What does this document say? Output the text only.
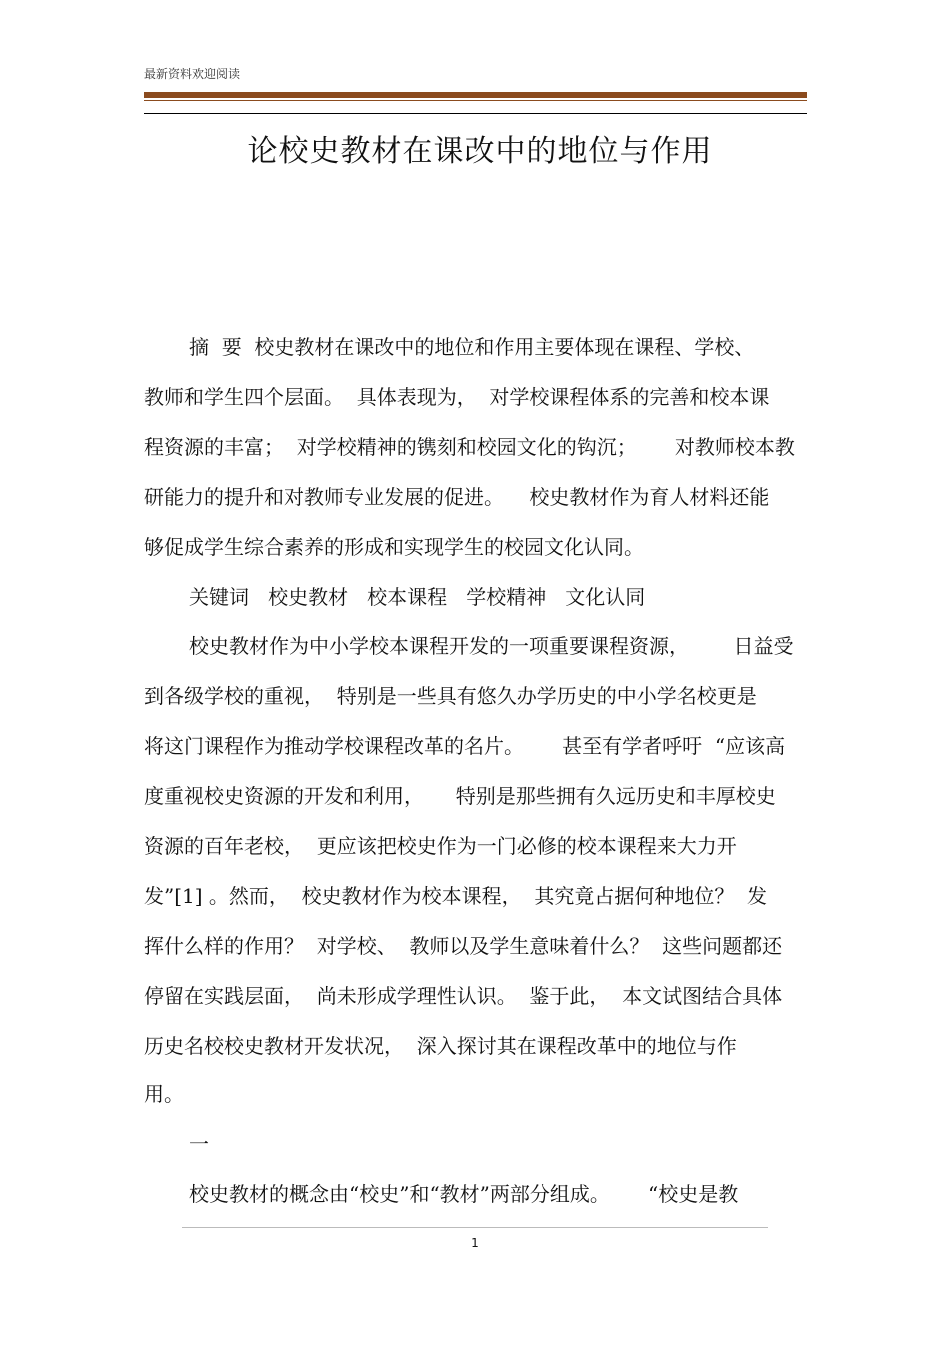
最新资料欢迎阅读
论校史教材在课改中的地位与作用
摘  要  校史教材在课改中的地位和作用主要体现在课程、学校、
教师和学生四个层面。  具体表现为，  对学校课程体系的完善和校本课
程资源的丰富；  对学校精神的镌刻和校园文化的钩沉；      对教师校本教
研能力的提升和对教师专业发展的促进。    校史教材作为育人材料还能
够促成学生综合素养的形成和实现学生的校园文化认同。
关键词   校史教材   校本课程   学校精神   文化认同
校史教材作为中小学校本课程开发的一项重要课程资源，       日益受
到各级学校的重视，  特别是一些具有悠久办学历史的中小学名校更是
将这门课程作为推动学校课程改革的名片。      甚至有学者呼吁  “应该高
度重视校史资源的开发和利用，     特别是那些拥有久远历史和丰厚校史
资源的百年老校，  更应该把校史作为一门必修的校本课程来大力开
发”[1] 。然而，  校史教材作为校本课程，  其究竟占据何种地位？  发
挥什么样的作用？  对学校、  教师以及学生意味着什么？  这些问题都还
停留在实践层面，  尚未形成学理性认识。  鉴于此，  本文试图结合具体
历史名校校史教材开发状况，  深入探讨其在课程改革中的地位与作
用。
一
校史教材的概念由“校史”和“教材”两部分组成。      “校史是教
1
